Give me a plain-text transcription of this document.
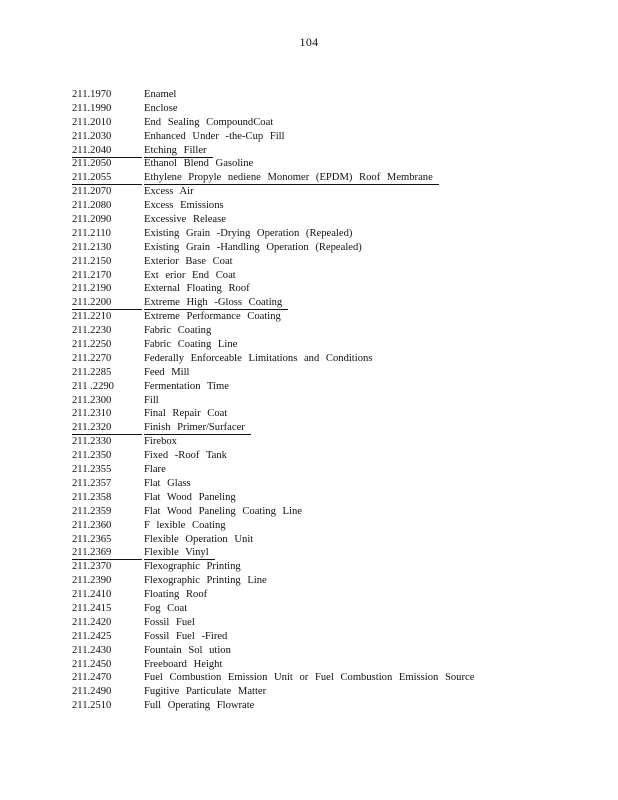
104
211.1970	Enamel
211.1990	Enclose
211.2010	End Sealing CompoundCoat
211.2030	Enhanced Under -the-Cup Fill
211.2040	Etching Filler
211.2050	Ethanol Blend Gasoline
211.2055	Ethylene Propyle nediene Monomer (EPDM) Roof Membrane
211.2070	Excess Air
211.2080	Excess Emissions
211.2090	Excessive Release
211.2110	Existing Grain -Drying Operation (Repealed)
211.2130	Existing Grain -Handling Operation (Repealed)
211.2150	Exterior Base Coat
211.2170	Ext erior End Coat
211.2190	External Floating Roof
211.2200	Extreme High -Gloss Coating
211.2210	Extreme Performance Coating
211.2230	Fabric Coating
211.2250	Fabric Coating Line
211.2270	Federally Enforceable Limitations and Conditions
211.2285	Feed Mill
211 .2290	Fermentation Time
211.2300	Fill
211.2310	Final Repair Coat
211.2320	Finish Primer/Surfacer
211.2330	Firebox
211.2350	Fixed -Roof Tank
211.2355	Flare
211.2357	Flat Glass
211.2358	Flat Wood Paneling
211.2359	Flat Wood Paneling Coating Line
211.2360	F lexible Coating
211.2365	Flexible Operation Unit
211.2369	Flexible Vinyl
211.2370	Flexographic Printing
211.2390	Flexographic Printing Line
211.2410	Floating Roof
211.2415	Fog Coat
211.2420	Fossil Fuel
211.2425	Fossil Fuel -Fired
211.2430	Fountain Sol ution
211.2450	Freeboard Height
211.2470	Fuel Combustion Emission Unit or Fuel Combustion Emission Source
211.2490	Fugitive Particulate Matter
211.2510	Full Operating Flowrate
